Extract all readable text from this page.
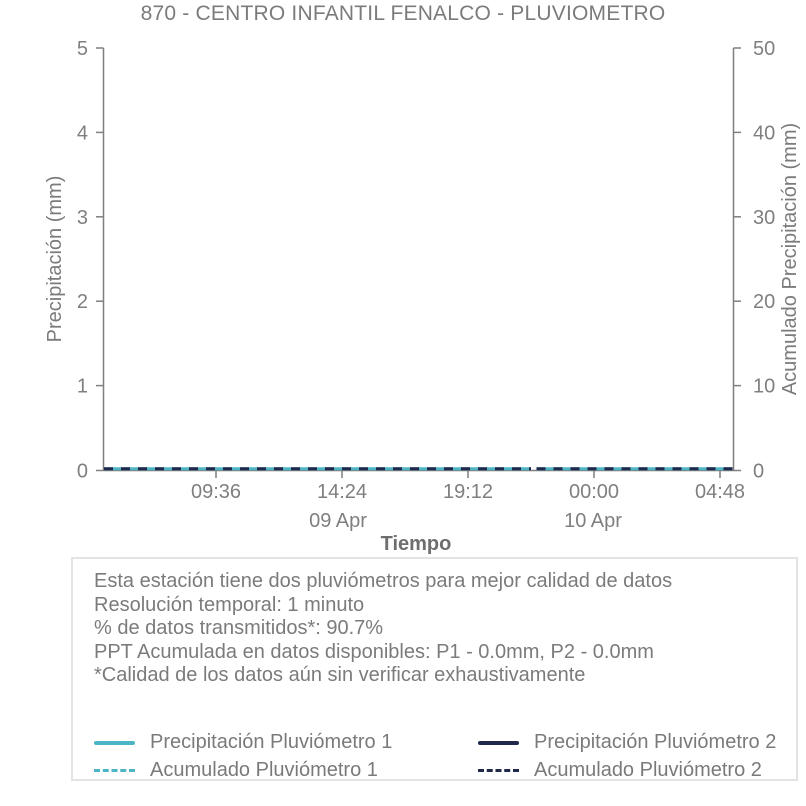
870 - CENTRO INFANTIL FENALCO - PLUVIOMETRO
5
4
3
2
1
0
Precipitación (mm)
50
40
30
20
10
0
Acumulado Precipitación (mm)
09:36	14:24	19:12	00:00	04:48
09 Apr	10 Apr
Tiempo
Esta estación tiene dos pluviómetros para mejor calidad de datos
Resolución temporal: 1 minuto
% de datos transmitidos*: 90.7%
PPT Acumulada en datos disponibles: P1 - 0.0mm, P2 - 0.0mm
*Calidad de los datos aún sin verificar exhaustivamente
Precipitación Pluviómetro 1	Precipitación Pluviómetro 2
Acumulado Pluviómetro 1	Acumulado Pluviómetro 2
